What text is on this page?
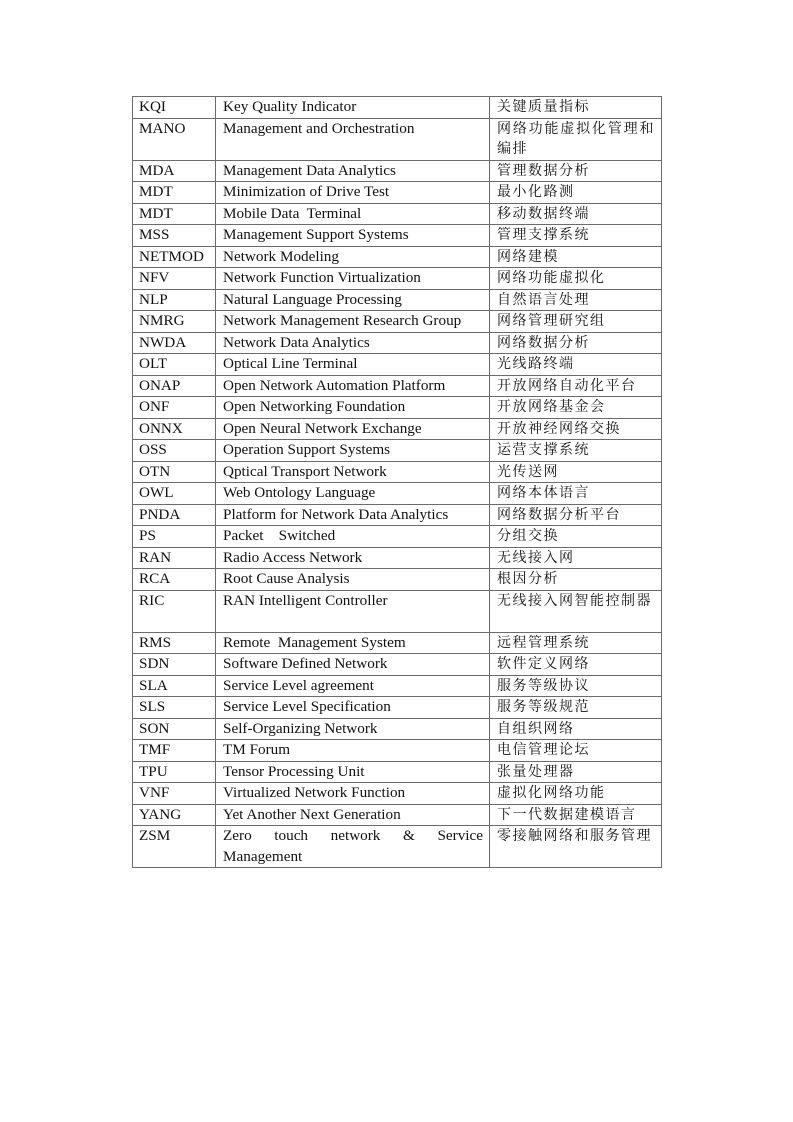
KQI	Key Quality Indicator	关键质量指标
MANO	Management and Orchestration	网络功能虚拟化管理和编排
MDA	Management Data Analytics	管理数据分析
MDT	Minimization of Drive Test	最小化路测
MDT	Mobile Data  Terminal	移动数据终端
MSS	Management Support Systems	管理支撑系统
NETMOD	Network Modeling	网络建模
NFV	Network Function Virtualization	网络功能虚拟化
NLP	Natural Language Processing	自然语言处理
NMRG	Network Management Research Group	网络管理研究组
NWDA	Network Data Analytics	网络数据分析
OLT	Optical Line Terminal	光线路终端
ONAP	Open Network Automation Platform	开放网络自动化平台
ONF	Open Networking Foundation	开放网络基金会
ONNX	Open Neural Network Exchange	开放神经网络交换
OSS	Operation Support Systems	运营支撑系统
OTN	Qptical Transport Network	光传送网
OWL	Web Ontology Language	网络本体语言
PNDA	Platform for Network Data Analytics	网络数据分析平台
PS	Packet    Switched	分组交换
RAN	Radio Access Network	无线接入网
RCA	Root Cause Analysis	根因分析
RIC	RAN Intelligent Controller	无线接入网智能控制器
RMS	Remote  Management System	远程管理系统
SDN	Software Defined Network	软件定义网络
SLA	Service Level agreement	服务等级协议
SLS	Service Level Specification	服务等级规范
SON	Self-Organizing Network	自组织网络
TMF	TM Forum	电信管理论坛
TPU	Tensor Processing Unit	张量处理器
VNF	Virtualized Network Function	虚拟化网络功能
YANG	Yet Another Next Generation	下一代数据建模语言
ZSM	Zero touch network & Service Management	零接触网络和服务管理
